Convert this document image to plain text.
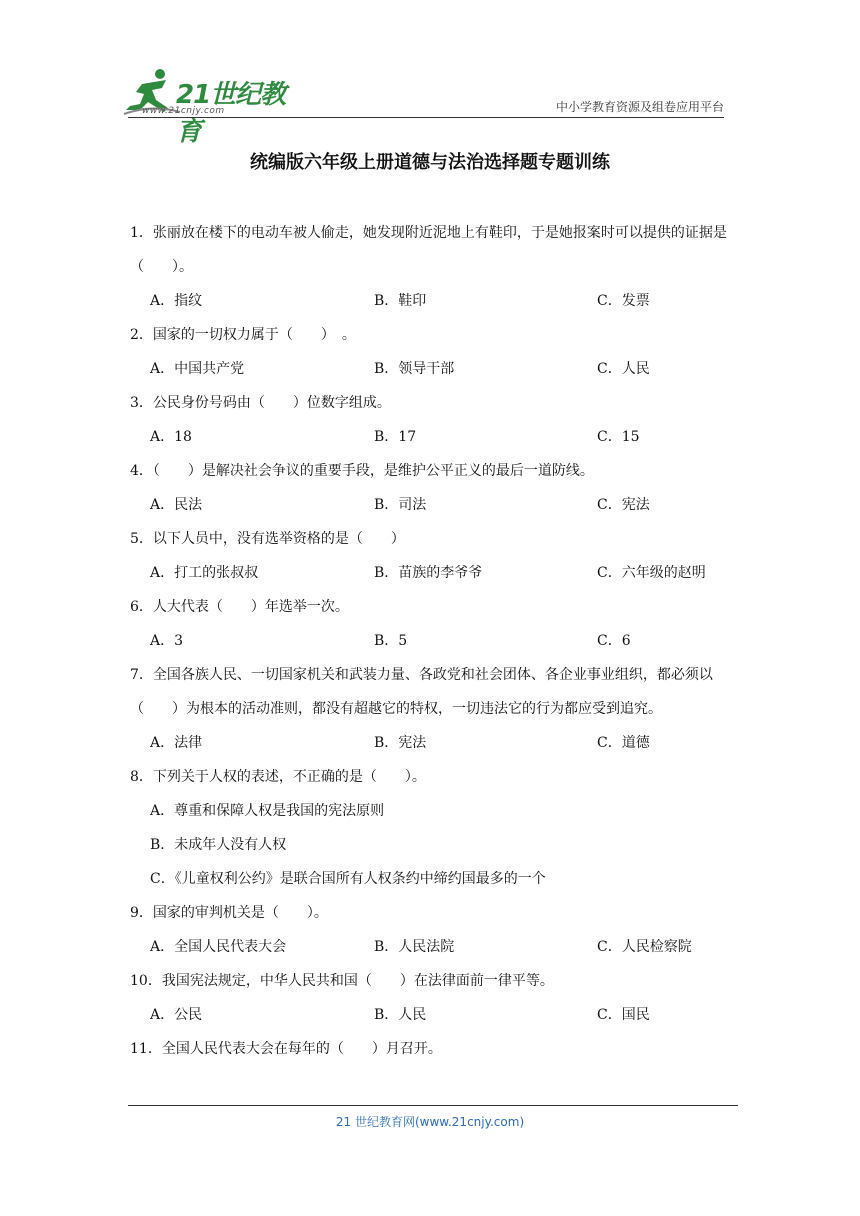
21世纪教育
www.21cnjy.com	中小学教育资源及组卷应用平台
统编版六年级上册道德与法治选择题专题训练

1．张丽放在楼下的电动车被人偷走，她发现附近泥地上有鞋印，于是她报案时可以提供的证据是（　　）。

A．指纹	B．鞋印	C．发票

2．国家的一切权力属于（　　）　。

A．中国共产党	B．领导干部	C．人民

3．公民身份号码由（　　）位数字组成。

A．18	B．17	C．15

4．（　　）是解决社会争议的重要手段，是维护公平正义的最后一道防线。

A．民法	B．司法	C．宪法

5．以下人员中，没有选举资格的是（　　）

A．打工的张叔叔	B．苗族的李爷爷	C．六年级的赵明

6．人大代表（　　）年选举一次。

A．3	B．5	C．6

7．全国各族人民、一切国家机关和武装力量、各政党和社会团体、各企业事业组织，都必须以（　　）为根本的活动准则，都没有超越它的特权，一切违法它的行为都应受到追究。

A．法律	B．宪法	C．道德

8．下列关于人权的表述，不正确的是（　　）。

A．尊重和保障人权是我国的宪法原则
B．未成年人没有人权
C．《儿童权利公约》是联合国所有人权条约中缔约国最多的一个

9．国家的审判机关是（　　）。

A．全国人民代表大会	B．人民法院	C．人民检察院

10．我国宪法规定，中华人民共和国（　　）在法律面前一律平等。

A．公民	B．人民	C．国民

11．全国人民代表大会在每年的（　　）月召开。

21 世纪教育网(www.21cnjy.com)
